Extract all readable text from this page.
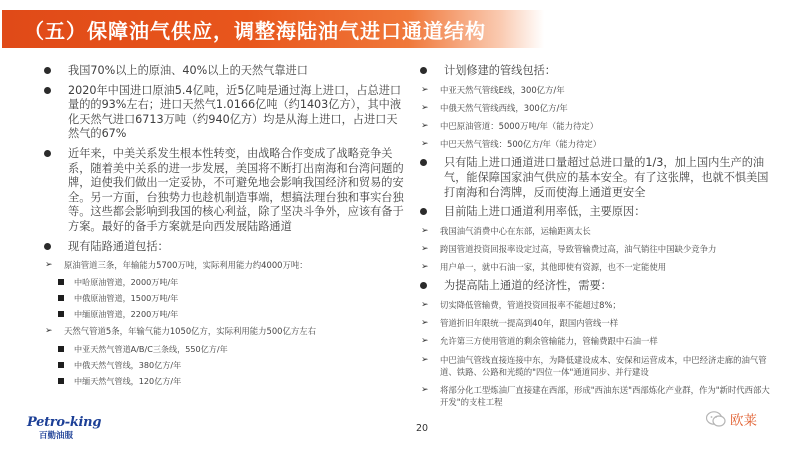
（五）保障油气供应，调整海陆油气进口通道结构
我国70%以上的原油、40%以上的天然气靠进口
2020年中国进口原油5.4亿吨，近5亿吨是通过海上进口，占总进口量的的93%左右；进口天然气1.0166亿吨（约1403亿方），其中液化天然气进口6713万吨（约940亿方）均是从海上进口，占进口天然气的67%
近年来，中美关系发生根本性转变，由战略合作变成了战略竞争关系，随着美中关系的进一步发展，美国将不断打出南海和台湾问题的牌，迫使我们做出一定妥协，不可避免地会影响我国经济和贸易的安全。另一方面，台独势力也趁机制造事端，想搞法理台独和事实台独等。这些都会影响到我国的核心利益，除了坚决斗争外，应该有备于方案。最好的备手方案就是向西发展陆路通道
现有陆路通道包括：
➢ 原油管道三条，年输能力5700万吨，实际利用能力约4000万吨：
中哈原油管道，2000万吨/年
中俄原油管道，1500万吨/年
中缅原油管道，2200万吨/年
➢ 天然气管道5条，年输气能力1050亿方，实际利用能力500亿方左右
中亚天然气管道A/B/C三条线，550亿方/年
中俄天然气管线，380亿方/年
中缅天然气管线，120亿方/年
计划修建的管线包括：
➢ 中亚天然气管线E线，300亿方/年
➢ 中俄天然气管线西线，300亿方/年
➢ 中巴原油管道：5000万吨/年（能力待定）
➢ 中巴天然气管线：500亿方/年（能力待定）
只有陆上进口通道进口量超过总进口量的1/3，加上国内生产的油气，能保障国家油气供应的基本安全。有了这张牌，也就不惧美国打南海和台湾牌，反而使海上通道更安全
目前陆上进口通道利用率低，主要原因：
➢ 我国油气消费中心在东部，运输距离太长
➢ 跨国管道投资回报率设定过高，导致管输费过高，油气销往中国缺少竞争力
➢ 用户单一，就中石油一家，其他即使有资源，也不一定能使用
为提高陆上通道的经济性，需要：
➢ 切实降低管输费，管道投资回报率不能超过8%；
➢ 管道折旧年限统一提高到40年，跟国内管线一样
➢ 允许第三方使用管道的剩余管输能力，管输费跟中石油一样
➢ 中巴油气管线直接连接中东，为降低建设成本、安保和运营成本，中巴经济走廊的油气管道、铁路、公路和光缆的"四位一体"通道同步、并行建设
➢ 将部分化工型炼油厂直接建在西部，形成"西油东送"西部炼化产业群，作为"新时代西部大开发"的支柱工程
Petro-king
百勤油服
20	欧莱
